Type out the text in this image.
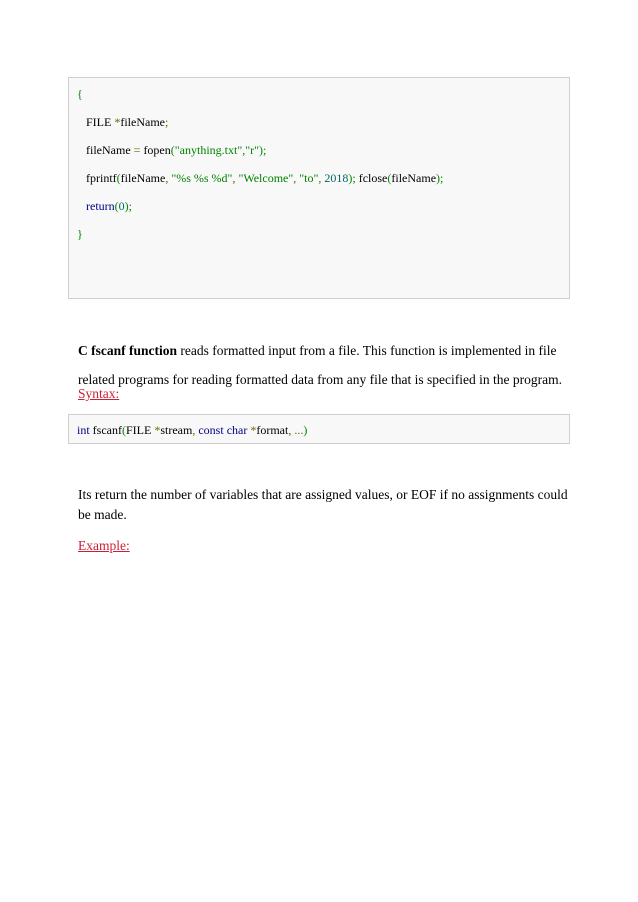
{
FILE *fileName;
fileName = fopen("anything.txt","r");
fprintf(fileName, "%s %s %d", "Welcome", "to", 2018); fclose(fileName);
return(0);
}
C fscanf function reads formatted input from a file. This function is implemented in file
related programs for reading formatted data from any file that is specified in the program.
Syntax:
int fscanf(FILE *stream, const char *format, ...)
Its return the number of variables that are assigned values, or EOF if no assignments could
be made.
Example:
